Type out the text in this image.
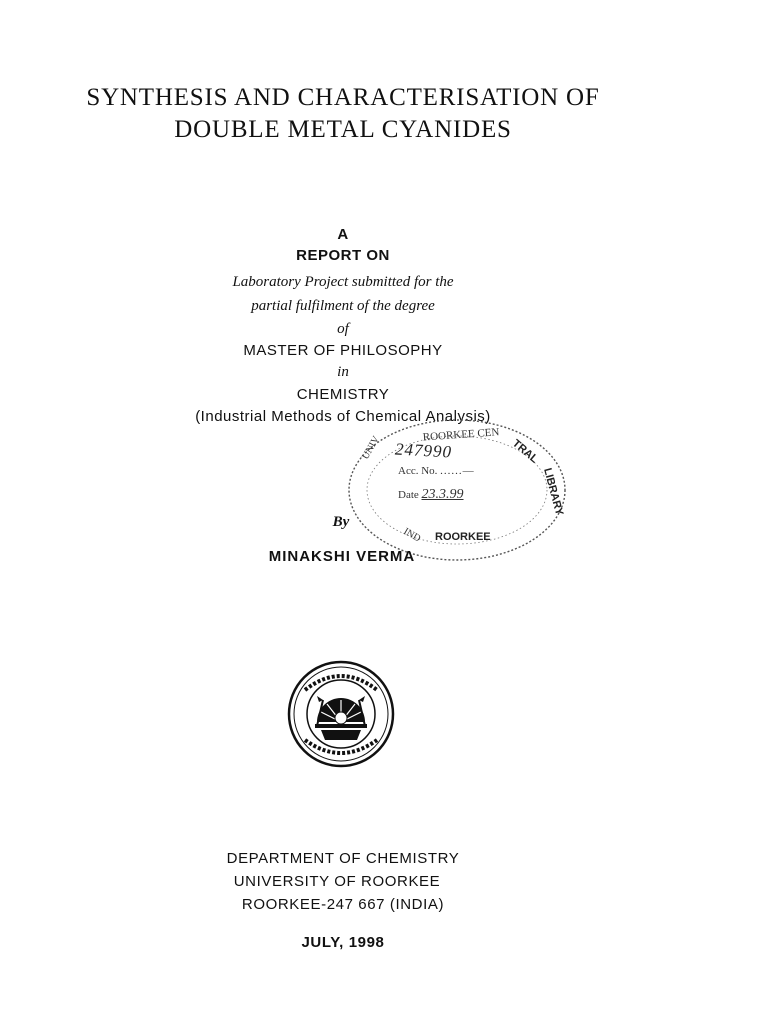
SYNTHESIS AND CHARACTERISATION OF
DOUBLE METAL CYANIDES
A
REPORT ON
Laboratory Project submitted for the
partial fulfilment of the degree
of
MASTER OF PHILOSOPHY
in
CHEMISTRY
(Industrial Methods of Chemical Analysis)
ROORKEE CEN
TRAL
LIBRARY
UNIV
ROORKEE
IND
247990
Acc. No. ......—
Date 23.3.99
By
MINAKSHI VERMA
DEPARTMENT OF CHEMISTRY
UNIVERSITY OF ROORKEE
ROORKEE-247 667 (INDIA)
JULY, 1998
